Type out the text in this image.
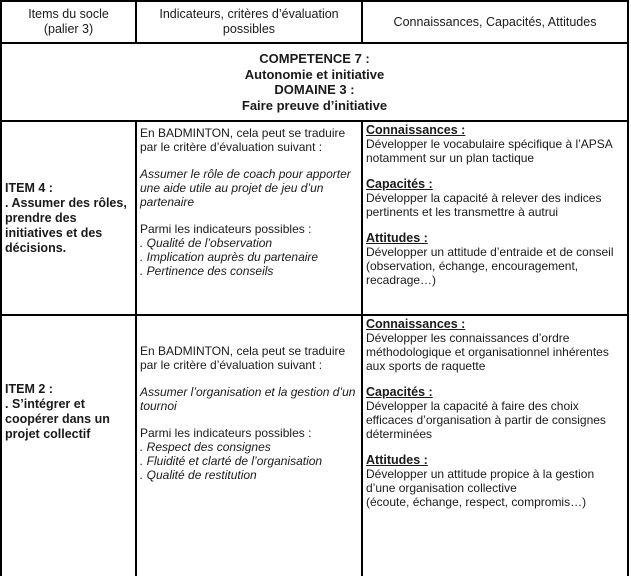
Items du socle
(palier 3)
Indicateurs, critères d’évaluation
possibles
Connaissances, Capacités, Attitudes
COMPETENCE 7 :
Autonomie et initiative
DOMAINE 3 :
Faire preuve d’initiative
ITEM 4 :
. Assumer des rôles, prendre des initiatives et des décisions.

En BADMINTON, cela peut se traduire par le critère d’évaluation suivant :

Assumer le rôle de coach pour apporter une aide utile au projet de jeu d’un partenaire

Parmi les indicateurs possibles :

. Qualité de l’observation

. Implication auprès du partenaire

. Pertinence des conseils

Connaissances :

Développer le vocabulaire spécifique à l’APSA notamment sur un plan tactique

Capacités :

Développer la capacité à relever des indices pertinents et les transmettre à autrui

Attitudes :

Développer un attitude d’entraide et de conseil (observation, échange, encouragement, recadrage…)

ITEM 2 :
. S’intégrer et coopérer dans un projet collectif

En BADMINTON, cela peut se traduire par le critère d’évaluation suivant :

Assumer l’organisation et la gestion d’un tournoi

Parmi les indicateurs possibles :

. Respect des consignes

. Fluidité et clarté de l’organisation

. Qualité de restitution

Connaissances :

Développer les connaissances d’ordre méthodologique et organisationnel inhérentes aux sports de raquette

Capacités :

Développer la capacité à faire des choix efficaces d’organisation à partir de consignes déterminées

Attitudes :

Développer un attitude propice à la gestion d’une organisation collective

(écoute, échange, respect, compromis…)
